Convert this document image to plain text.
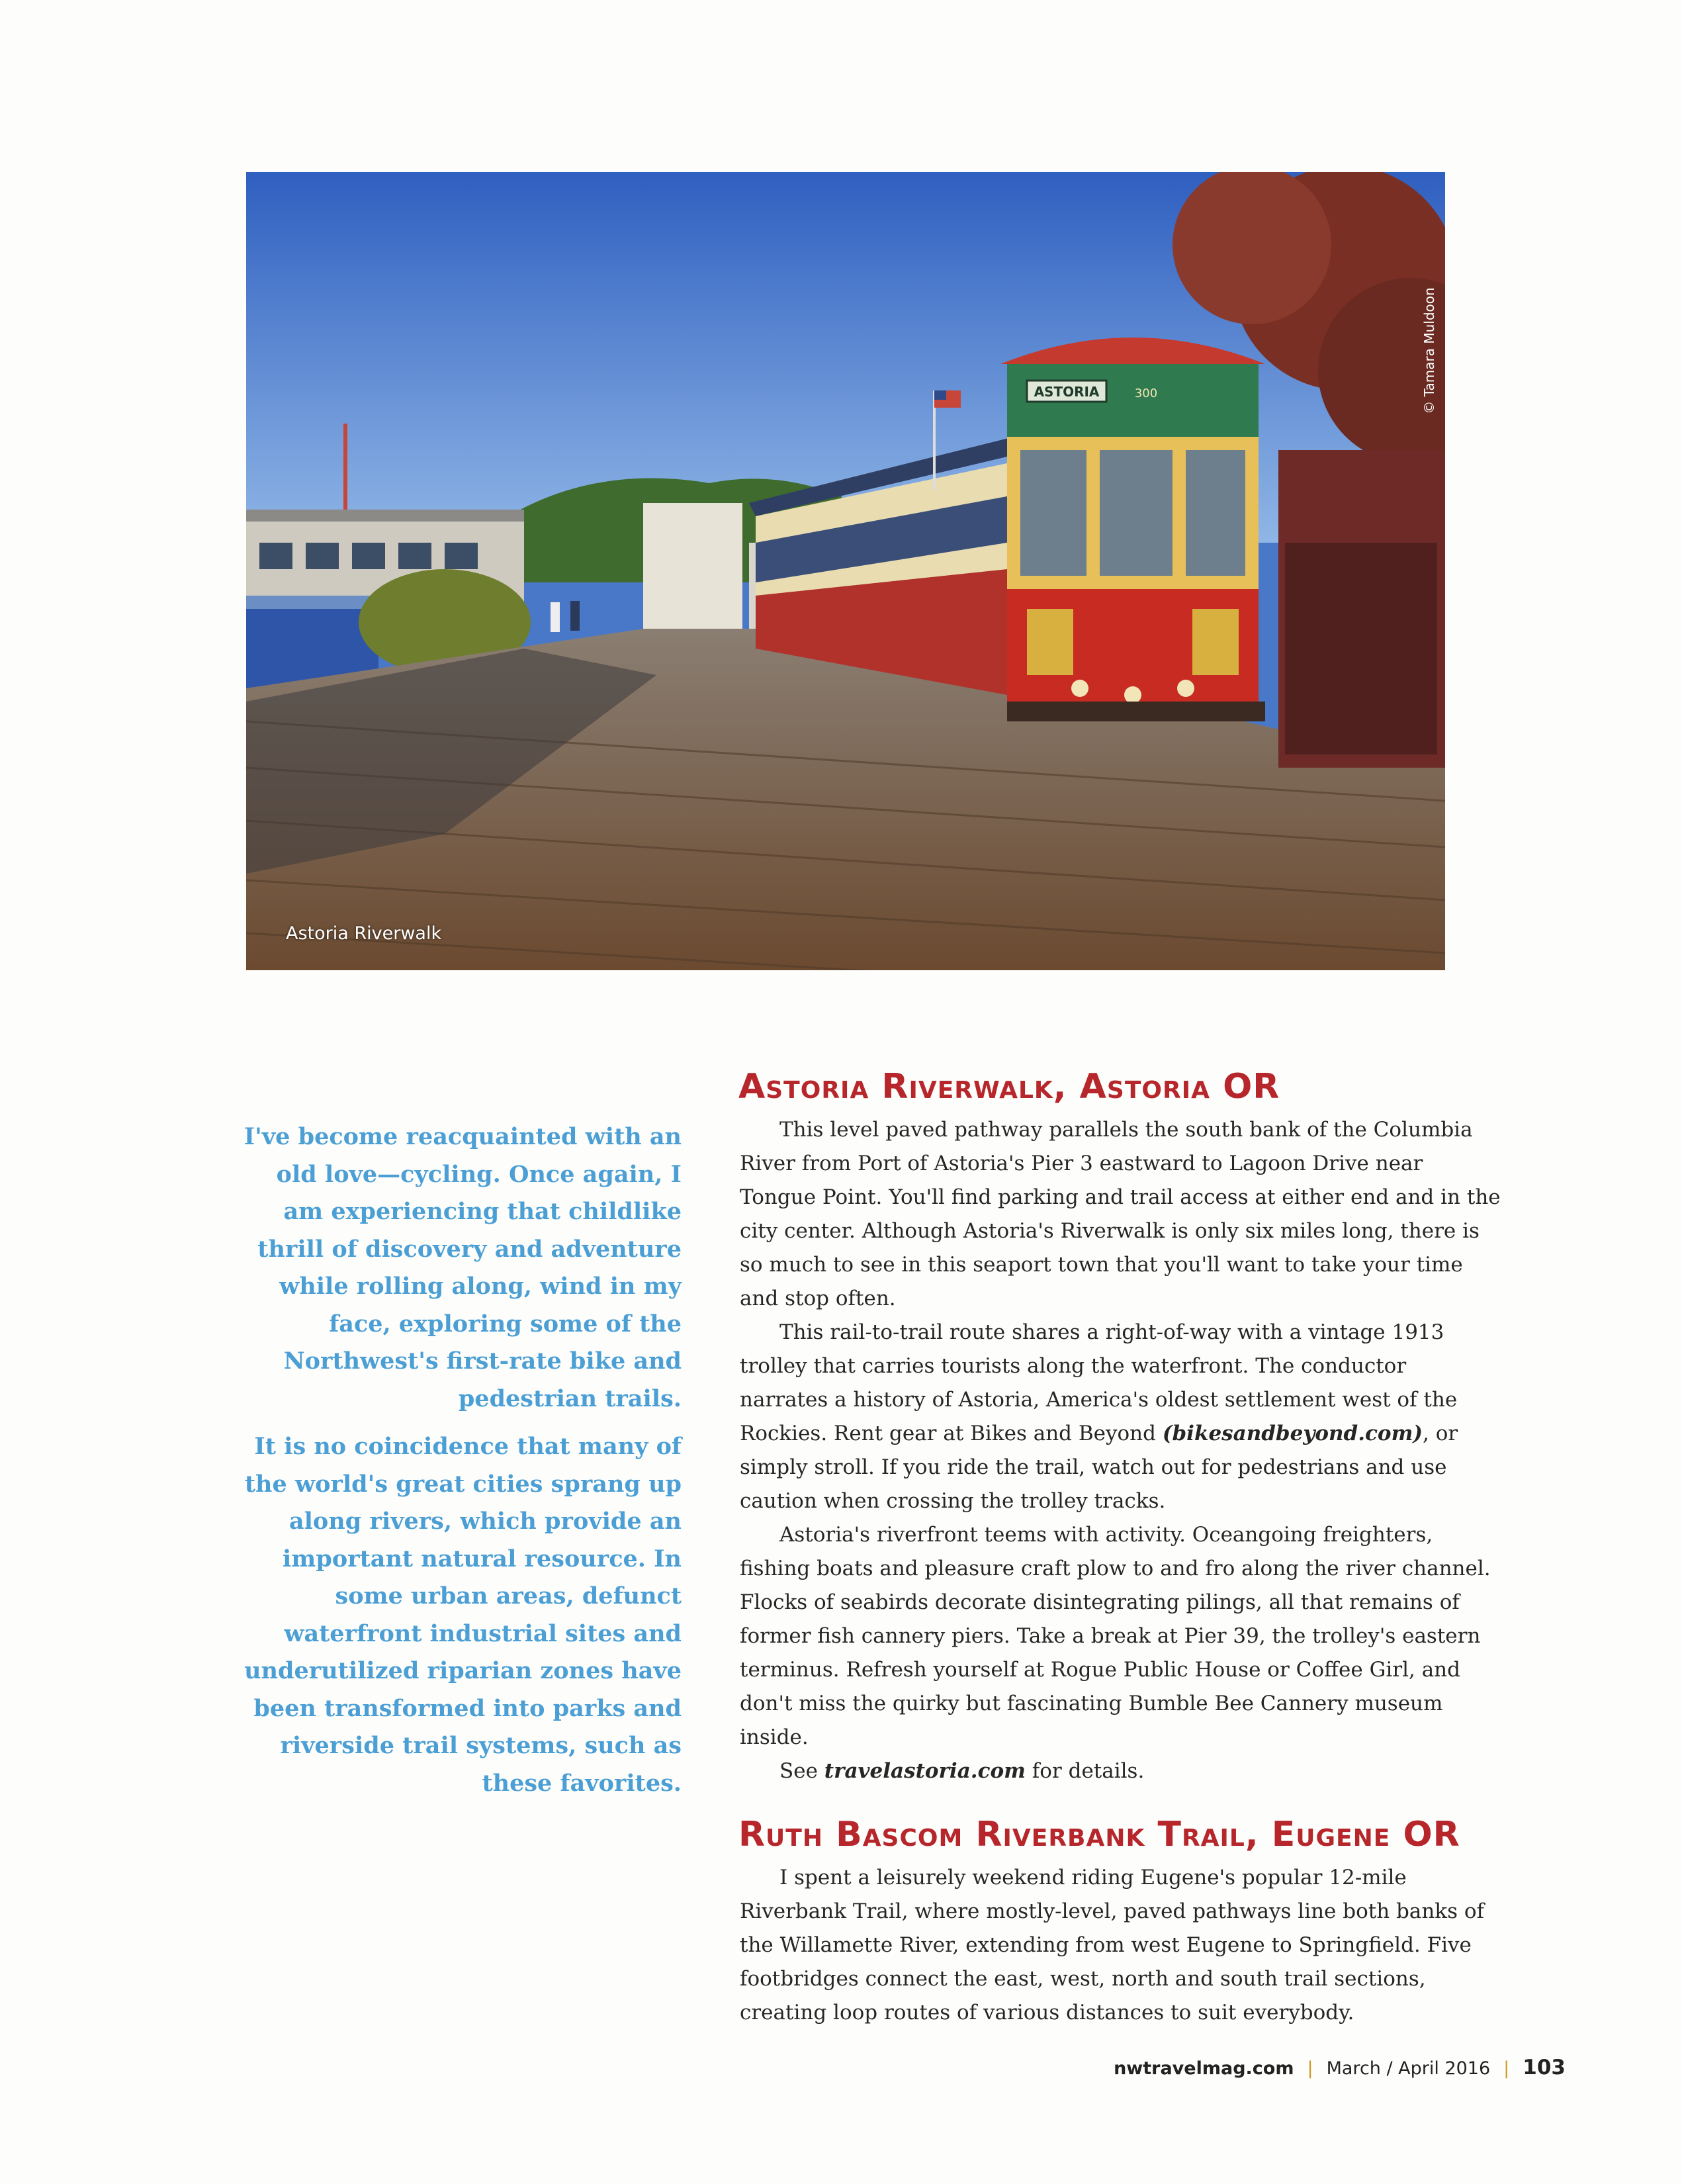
ASTORIA	300	© Tamara Muldoon
Astoria Riverwalk

I've become reacquainted with an old love—cycling. Once again, I am experiencing that childlike thrill of discovery and adventure while rolling along, wind in my face, exploring some of the Northwest's first-rate bike and pedestrian trails.

It is no coincidence that many of the world's great cities sprang up along rivers, which provide an important natural resource. In some urban areas, defunct waterfront industrial sites and underutilized riparian zones have been transformed into parks and riverside trail systems, such as these favorites.

Astoria Riverwalk, Astoria OR

This level paved pathway parallels the south bank of the Columbia River from Port of Astoria's Pier 3 eastward to Lagoon Drive near Tongue Point. You'll find parking and trail access at either end and in the city center. Although Astoria's Riverwalk is only six miles long, there is so much to see in this seaport town that you'll want to take your time and stop often.

This rail-to-trail route shares a right-of-way with a vintage 1913 trolley that carries tourists along the waterfront. The conductor narrates a history of Astoria, America's oldest settlement west of the Rockies. Rent gear at Bikes and Beyond (bikesandbeyond.com), or simply stroll. If you ride the trail, watch out for pedestrians and use caution when crossing the trolley tracks.

Astoria's riverfront teems with activity. Oceangoing freighters, fishing boats and pleasure craft plow to and fro along the river channel. Flocks of seabirds decorate disintegrating pilings, all that remains of former fish cannery piers. Take a break at Pier 39, the trolley's eastern terminus. Refresh yourself at Rogue Public House or Coffee Girl, and don't miss the quirky but fascinating Bumble Bee Cannery museum inside.

See travelastoria.com for details.

Ruth Bascom Riverbank Trail, Eugene OR

I spent a leisurely weekend riding Eugene's popular 12-mile Riverbank Trail, where mostly-level, paved pathways line both banks of the Willamette River, extending from west Eugene to Springfield. Five footbridges connect the east, west, north and south trail sections, creating loop routes of various distances to suit everybody.

nwtravelmag.com | March / April 2016 | 103
